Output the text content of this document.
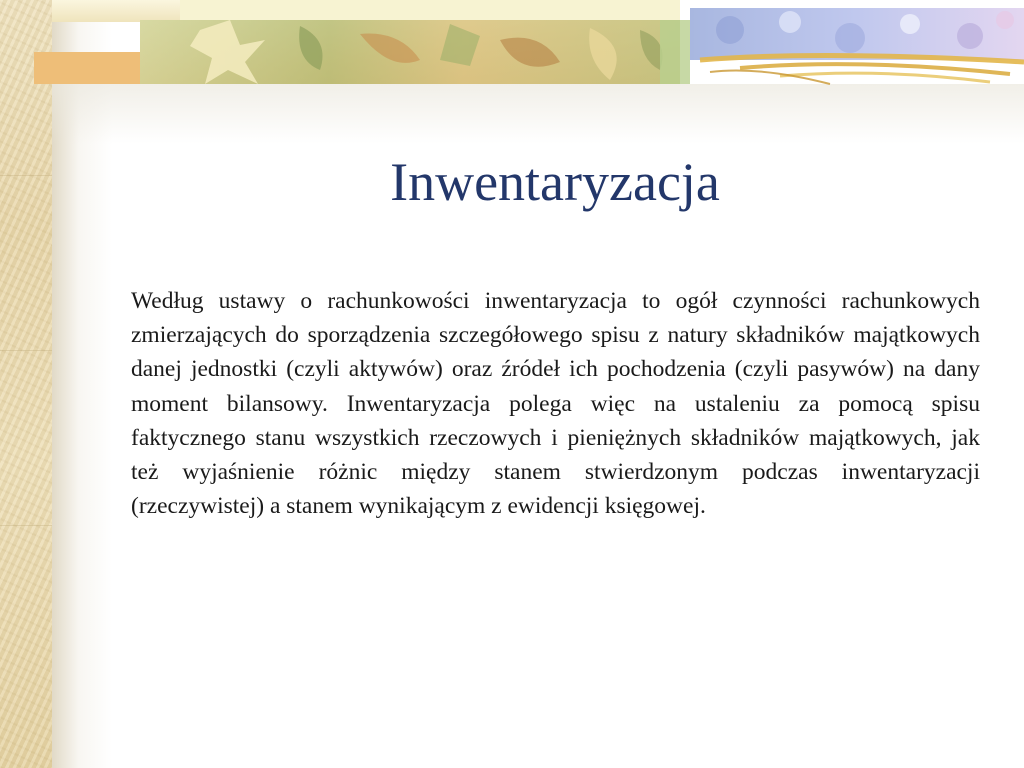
Inwentaryzacja
Według ustawy o rachunkowości inwentaryzacja to ogół czynności rachunkowych zmierzających do sporządzenia szczegółowego spisu z natury składników majątkowych danej jednostki (czyli aktywów) oraz źródeł ich pochodzenia (czyli pasywów) na dany moment bilansowy. Inwentaryzacja polega więc na ustaleniu za pomocą spisu faktycznego stanu wszystkich rzeczowych i pieniężnych składników majątkowych, jak też wyjaśnienie różnic między stanem stwierdzonym podczas inwentaryzacji (rzeczywistej) a stanem wynikającym z ewidencji księgowej.
